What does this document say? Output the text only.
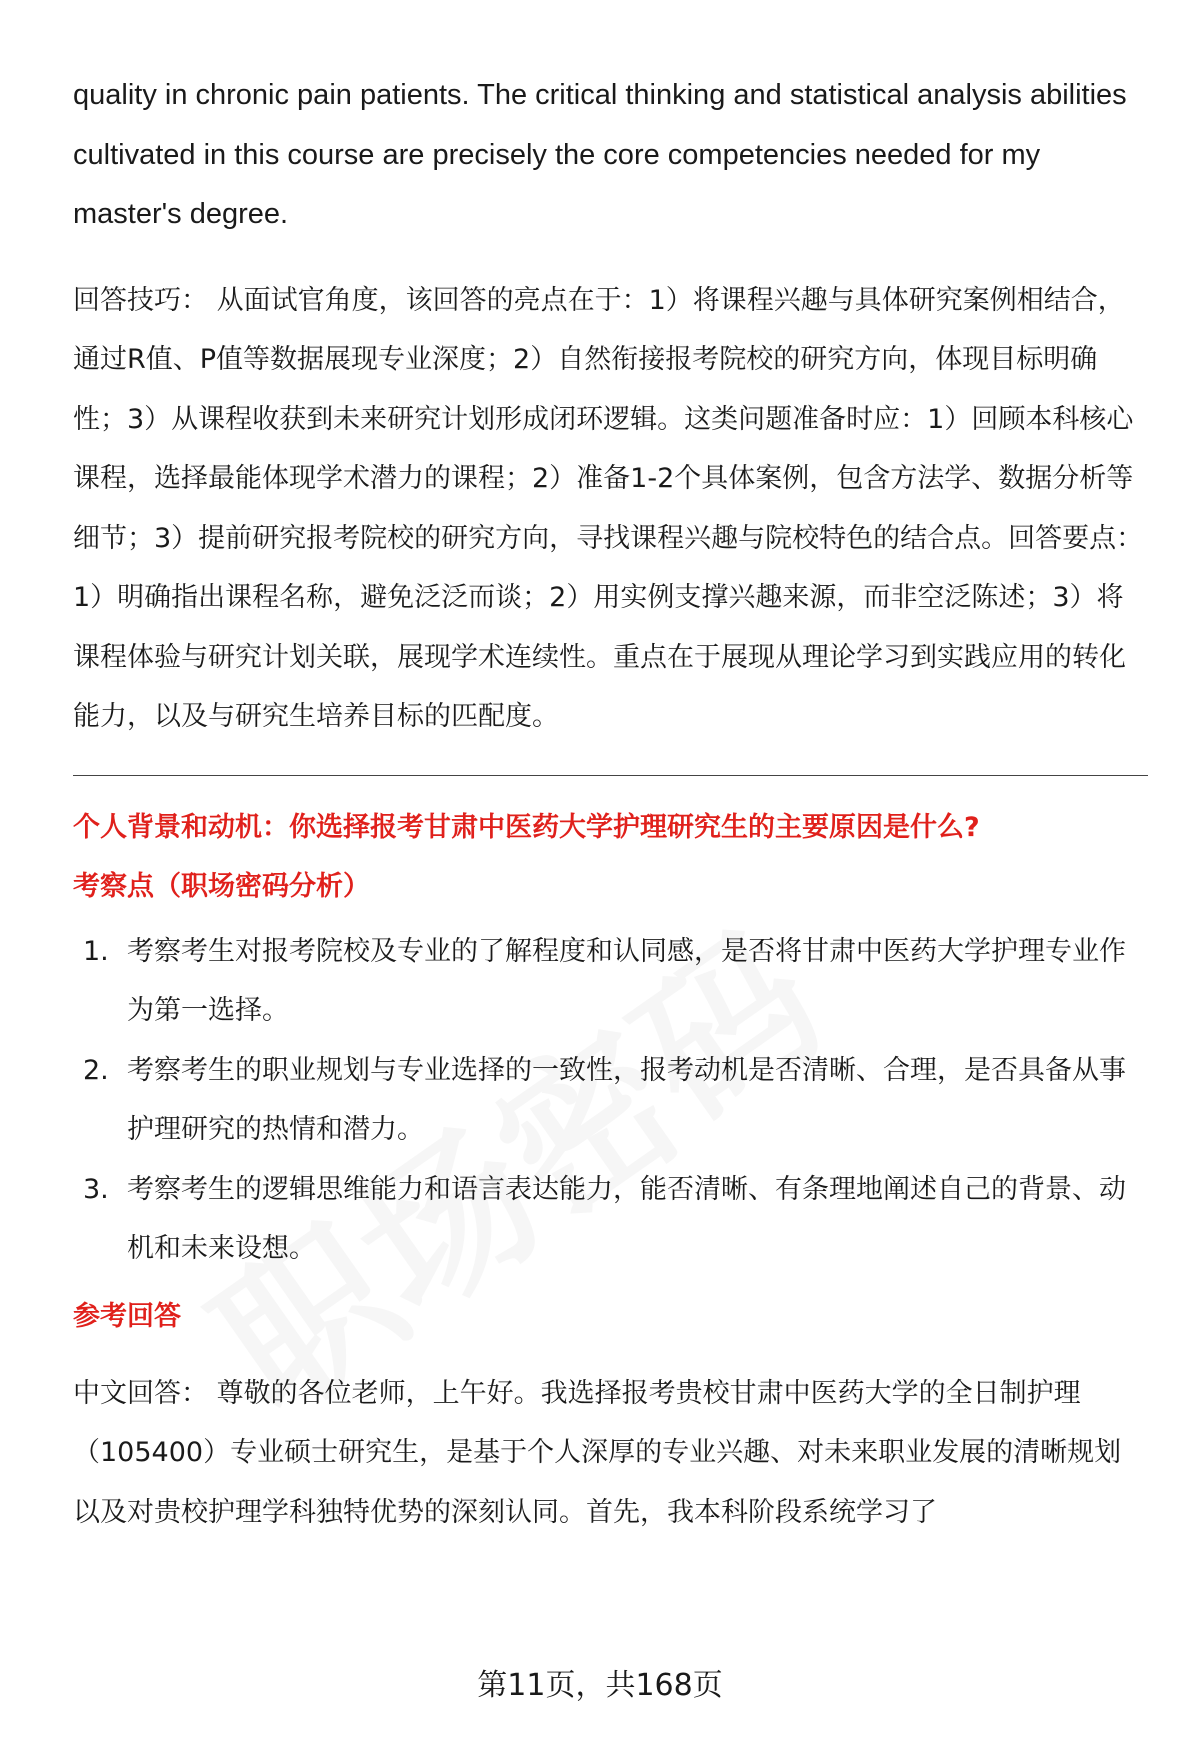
quality in chronic pain patients. The critical thinking and statistical analysis abilities cultivated in this course are precisely the core competencies needed for my master's degree.

回答技巧： 从面试官角度，该回答的亮点在于：1）将课程兴趣与具体研究案例相结合，通过R值、P值等数据展现专业深度；2）自然衔接报考院校的研究方向，体现目标明确性；3）从课程收获到未来研究计划形成闭环逻辑。这类问题准备时应：1）回顾本科核心课程，选择最能体现学术潜力的课程；2）准备1-2个具体案例，包含方法学、数据分析等细节；3）提前研究报考院校的研究方向，寻找课程兴趣与院校特色的结合点。回答要点：1）明确指出课程名称，避免泛泛而谈；2）用实例支撑兴趣来源，而非空泛陈述；3）将课程体验与研究计划关联，展现学术连续性。重点在于展现从理论学习到实践应用的转化能力，以及与研究生培养目标的匹配度。

个人背景和动机：你选择报考甘肃中医药大学护理研究生的主要原因是什么?

考察点（职场密码分析）

1. 考察考生对报考院校及专业的了解程度和认同感，是否将甘肃中医药大学护理专业作为第一选择。
2. 考察考生的职业规划与专业选择的一致性，报考动机是否清晰、合理，是否具备从事护理研究的热情和潜力。
3. 考察考生的逻辑思维能力和语言表达能力，能否清晰、有条理地阐述自己的背景、动机和未来设想。

参考回答

中文回答： 尊敬的各位老师，上午好。我选择报考贵校甘肃中医药大学的全日制护理（105400）专业硕士研究生，是基于个人深厚的专业兴趣、对未来职业发展的清晰规划以及对贵校护理学科独特优势的深刻认同。首先，我本科阶段系统学习了

第11页，共168页
